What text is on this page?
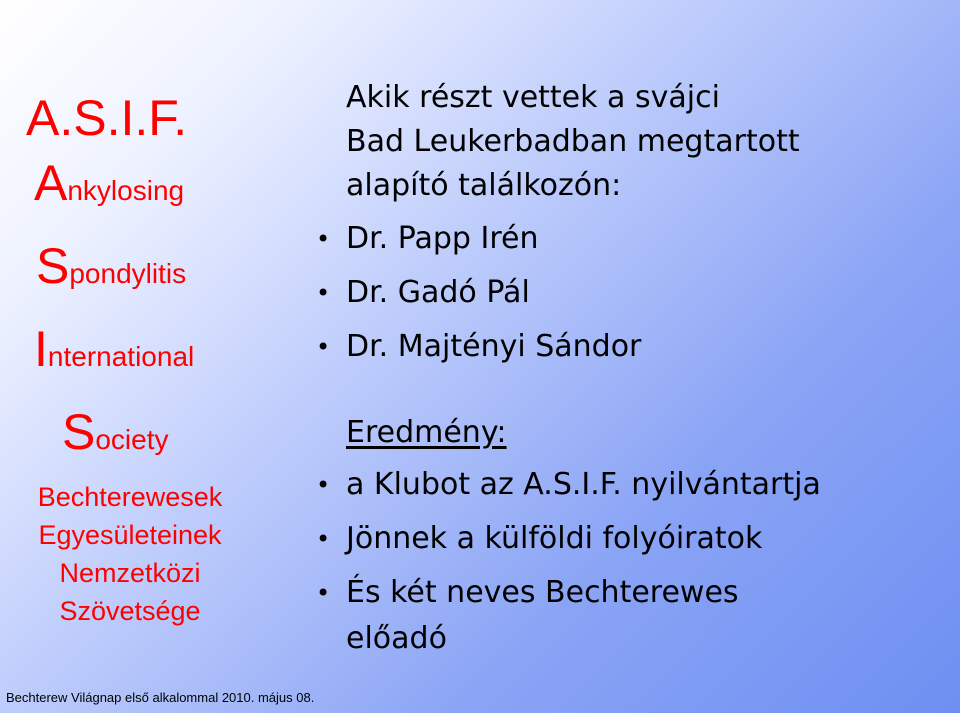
A.S.I.F.
Ankylosing
Spondylitis
International
Society
Bechterewesek
Egyesületeinek
Nemzetközi
Szövetsége
Bechterew Világnap első alkalommal 2010. május 08.
Akik részt vettek a svájci
Bad Leukerbadban megtartott
alapító találkozón:
• Dr. Papp Irén
• Dr. Gadó Pál
• Dr. Majtényi Sándor
Eredmény:
• a Klubot az A.S.I.F. nyilvántartja
• Jönnek a külföldi folyóiratok
• És két neves Bechterewes előadó
